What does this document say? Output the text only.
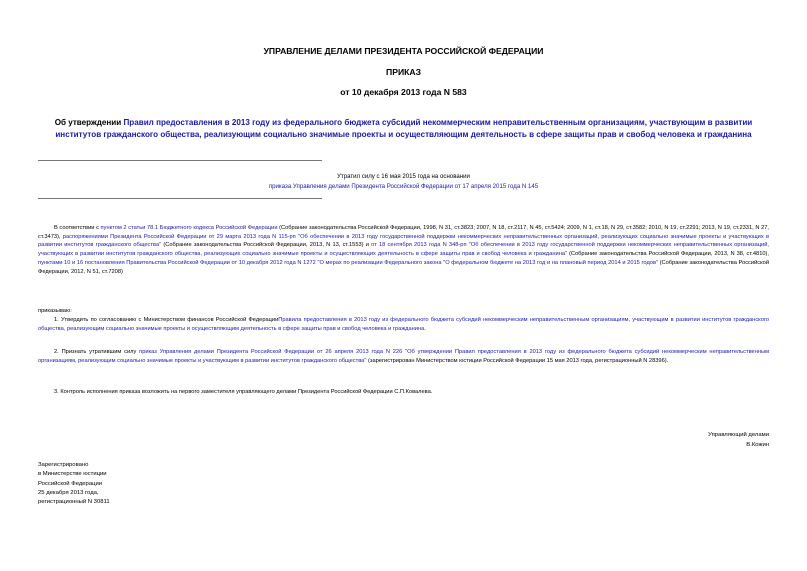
УПРАВЛЕНИЕ ДЕЛАМИ ПРЕЗИДЕНТА РОССИЙСКОЙ ФЕДЕРАЦИИ
ПРИКАЗ
от 10 декабря 2013 года N 583
Об утверждении Правил предоставления в 2013 году из федерального бюджета субсидий некоммерческим неправительственным организациям, участвующим в развитии институтов гражданского общества, реализующим социально значимые проекты и осуществляющим деятельность в сфере защиты прав и свобод человека и гражданина
Утратил силу с 16 мая 2015 года на основании
приказа Управления делами Президента Российской Федерации от 17 апреля 2015 года N 145
В соответствии с пунктом 2 статьи 78.1 Бюджетного кодекса Российской Федерации (Собрание законодательства Российской Федерации, 1998, N 31, ст.3823; 2007, N 18, ст.2117, N 45, ст.5424; 2009, N 1, ст.18, N 29, ст.3582; 2010, N 19, ст.2291; 2013, N 19, ст.2331, N 27, ст.3473), распоряжениями Президента Российской Федерации от 29 марта 2013 года N 115-рп "Об обеспечении в 2013 году государственной поддержки некоммерческих неправительственных организаций, реализующих социально значимые проекты и участвующих в развитии институтов гражданского общества" (Собрание законодательства Российской Федерации, 2013, N 13, ст.1553) и от 18 сентября 2013 года N 348-рп "Об обеспечении в 2013 году государственной поддержки некоммерческих неправительственных организаций, участвующих в развитии институтов гражданского общества, реализующих социально значимые проекты и осуществляющих деятельность в сфере защиты прав и свобод человека и гражданина" (Собрание законодательства Российской Федерации, 2013, N 38, ст.4810), пунктами 10 и 16 постановления Правительства Российской Федерации от 10 декабря 2012 года N 1272 "О мерах по реализации Федерального закона "О федеральном бюджете на 2013 год и на плановый период 2014 и 2015 годов" (Собрание законодательства Российской Федерации, 2012, N 51, ст.7208)
приказываю:
1. Утвердить по согласованию с Министерством финансов Российской ФедерацииПравила предоставления в 2013 году из федерального бюджета субсидий некоммерческим неправительственным организациям, участвующим в развитии институтов гражданского общества, реализующим социально значимые проекты и осуществляющим деятельность в сфере защиты прав и свобод человека и гражданина.
2. Признать утратившим силу приказ Управления делами Президента Российской Федерации от 26 апреля 2013 года N 226 "Об утверждении Правил предоставления в 2013 году из федерального бюджета субсидий некоммерческим неправительственным организациям, реализующим социально значимые проекты и участвующим в развитии институтов гражданского общества" (зарегистрирован Министерством юстиции Российской Федерации 15 мая 2013 года, регистрационный N 28396).
3. Контроль исполнения приказа возложить на первого заместителя управляющего делами Президента Российской Федерации С.П.Ковалева.
Управляющий делами
В.Кожин
Зарегистрировано
в Министерстве юстиции
Российской Федерации
25 декабря 2013 года,
регистрационный N 30811
